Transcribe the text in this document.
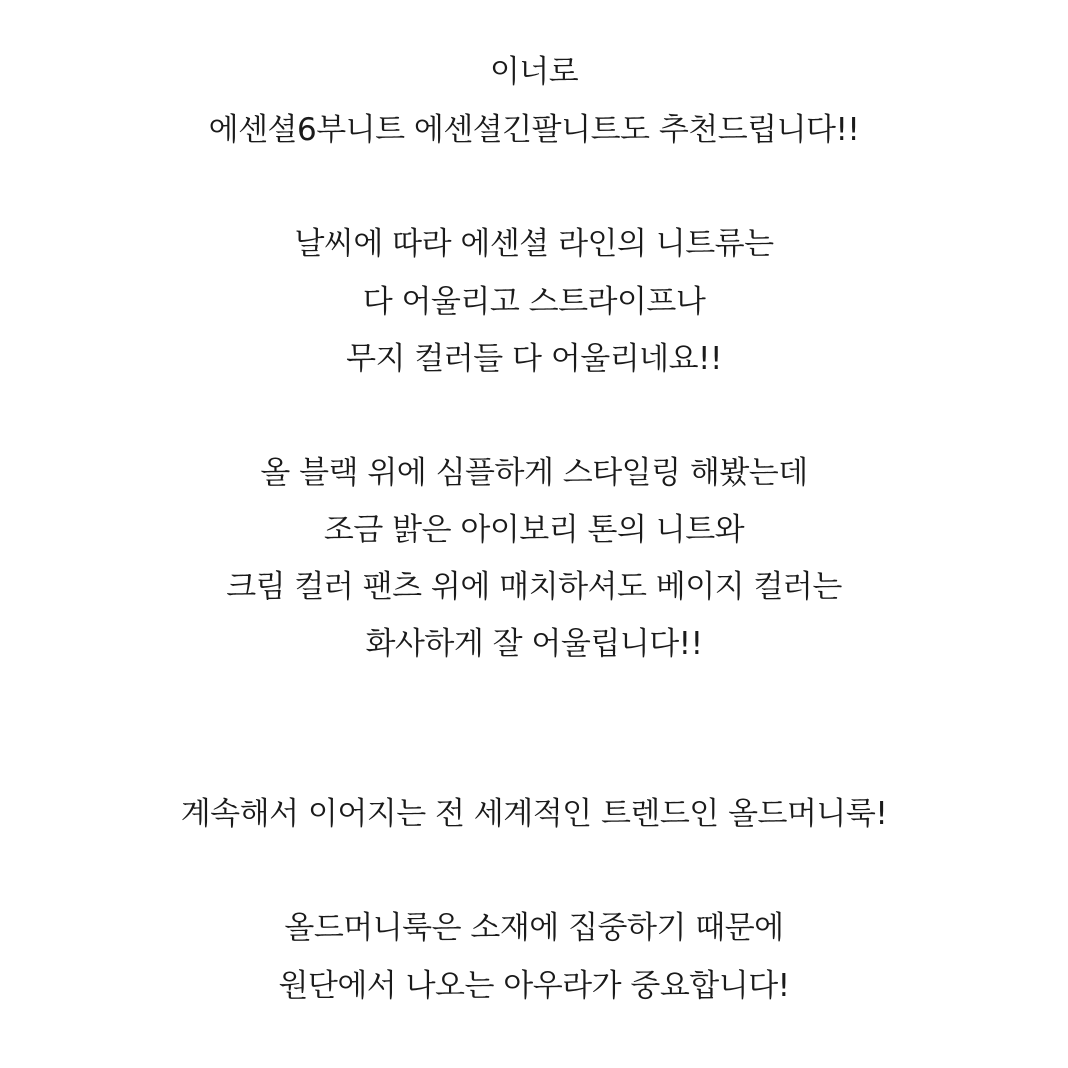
이너로
에센셜6부니트 에센셜긴팔니트도 추천드립니다!!
날씨에 따라 에센셜 라인의 니트류는
다 어울리고 스트라이프나
무지 컬러들 다 어울리네요!!
올 블랙 위에 심플하게 스타일링 해봤는데
조금 밝은 아이보리 톤의 니트와
크림 컬러 팬츠 위에 매치하셔도 베이지 컬러는
화사하게 잘 어울립니다!!
계속해서 이어지는 전 세계적인 트렌드인 올드머니룩!
올드머니룩은 소재에 집중하기 때문에
원단에서 나오는 아우라가 중요합니다!
